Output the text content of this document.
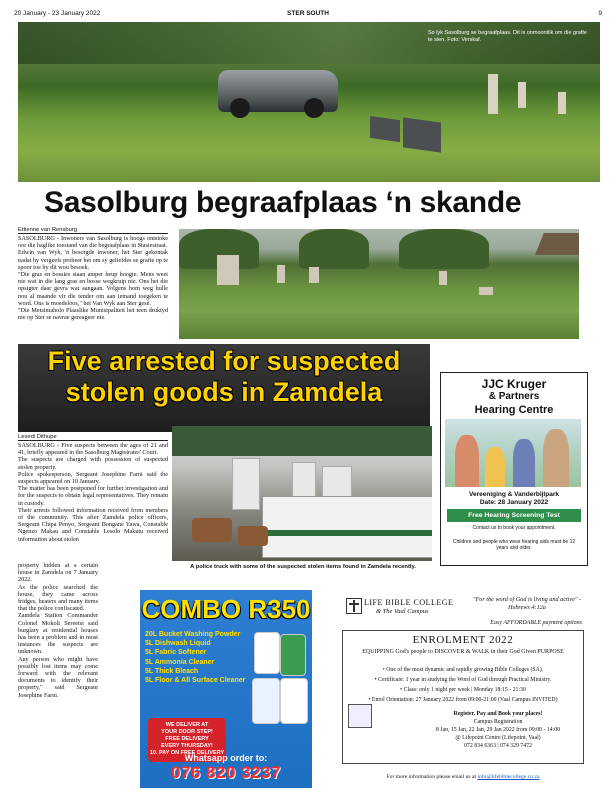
20 January - 23 January 2022	STER SOUTH	9
So lyk Sasolburg se begraafplaas. Dit is onmoontlik om die grafte te sien. Foto: Verskaf.
Sasolburg begraafplaas ‘n skande
Ettienne van Rensburg

SASOLBURG - Inwoners van Sasolburg is hoogs ontstoke oor die haglike toestand van die begraafplaas in Stasiestraat.

Edwin van Wyk, 'n besorgde inwoner, het Ster gekontak nadat hy vergeefs probeer het om sy geliefdes se grafte op te spoor toe hy dit wou besoek.

"Die gras en bossies staan amper heup hoogte. Mens weet nie wat in die lang gras en bosse wegkruip nie. Ons het die opsigter daar gevra wat aangaan. Volgens hom weg hulle nou al maande vir die tender om aan iemand toegeken te word. Ons is moedeloos," het Van Wyk aan Ster gesê.

"Die Metsimaholo Plaaslike Munisipaliteit het teen druktyd nie op Ster se navrae gereageer nie.

Five arrested for suspected
stolen goods in Zamdela
Lesedi Dithupe

SASOLBURG - Five suspects between the ages of 21 and 41, briefly appeared in the Sasolburg Magistrates' Court.

The suspects are charged with possession of suspected stolen property.

Police spokesperson, Sergeant Josephine Farni said the suspects appeared on 10 January.

The matter has been postponed for further investigation and for the suspects to obtain legal representatives. They remain in custody.

Their arrests followed information received from members of the community. This after Zamdela police officers, Sergeant Chipa Penyo, Sergeant Bongane Yawa, Constable Ngenzo Makau and Constable Lesolo Makutu received information about stolen

property hidden at a certain house in Zamdela on 7 January 2022.

As the police searched the house, they came across fridges, heaters and many items that the police confiscated.

Zamdela Station Commander Colonel Mokoli Sereetsi said burglary at residential houses has been a problem and in most instances the suspects are unknown.

Any person who might have possibly lost items may come forward with the relevant documents to identify their property," said Sergeant Josephine Farni.

A police truck with some of the suspected stolen items found in Zamdela recently.
JJC Kruger
& Partners
Hearing Centre
Vereeniging & Vanderbijlpark
Date: 28 January 2022
Free Hearing Screening Test
Contact us to book your appointment.
Children and people who wear hearing aids must be 12 years and older.
COMBO R350
20L Bucket Washing Powder
5L Dishwash Liquid
5L Fabric Softener
5L Ammonia Cleaner
5L Thick Bleach
5L Floor & All Surface Cleaner
WE DELIVER AT
YOUR DOOR STEP!
FREE DELIVERY
EVERY THURSDAY!
10. PAY ON FREE DELIVERY
Whatsapp order to:
076 820 3237
LIFE BIBLE COLLEGE
& The Vaal Campus
"For the word of God is living and active" - Hebrews 4:12a
Easy AFFORDABLE payment options
ENROLMENT 2022
EQUIPPING God's people to DISCOVER & WALK in their God Given PURPOSE
• One of the most dynamic and rapidly growing Bible Colleges (SA).
• Certificate: 1 year in studying the Word of God through Practical Ministry.
• Class: only 1 night per week | Monday 18:15 - 21:30
• Enrol Orientation: 27 January 2022 from 09:00-21:00 (Vaal Campus INVITED)
Register, Pay and Book your places!
Campus Registration
8 Jan, 15 Jan, 22 Jan, 29 Jan 2022 from 09:00 - 14:00
@ Lifepoint Centre (Lifepoint, Vaal)
072 834 6363 | 074 329 7472
For more information please email us at info@lifebiblecollege.co.za
